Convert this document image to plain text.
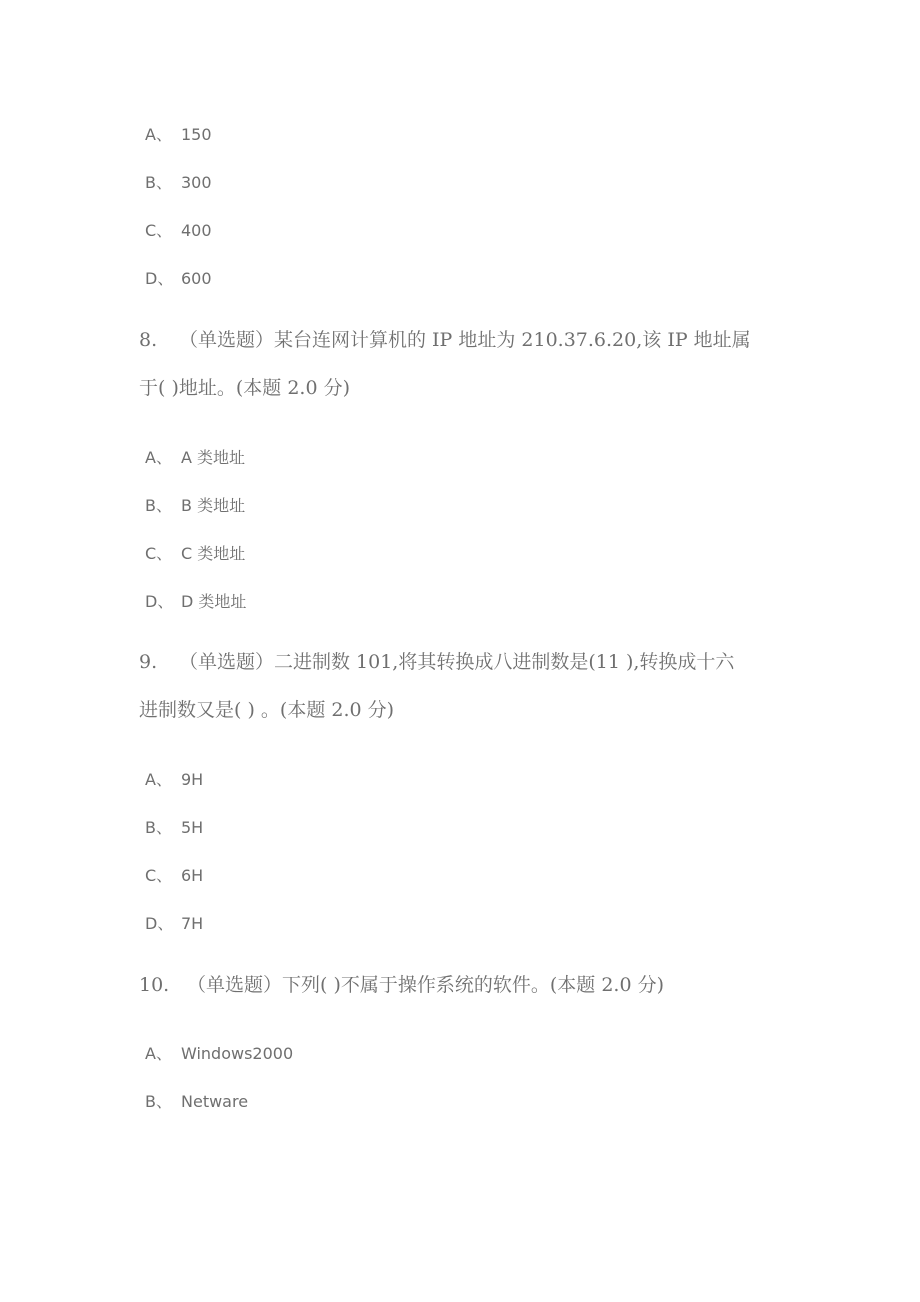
A、 150
B、 300
C、 400
D、 600
8. （单选题）某台连网计算机的 IP 地址为 210.37.6.20,该 IP 地址属
于( )地址。(本题 2.0 分)
A、 A 类地址
B、 B 类地址
C、 C 类地址
D、 D 类地址
9. （单选题）二进制数 101,将其转换成八进制数是(11 ),转换成十六
进制数又是( ) 。(本题 2.0 分)
A、 9H
B、 5H
C、 6H
D、 7H
10. （单选题）下列( )不属于操作系统的软件。(本题 2.0 分)
A、 Windows2000
B、 Netware
